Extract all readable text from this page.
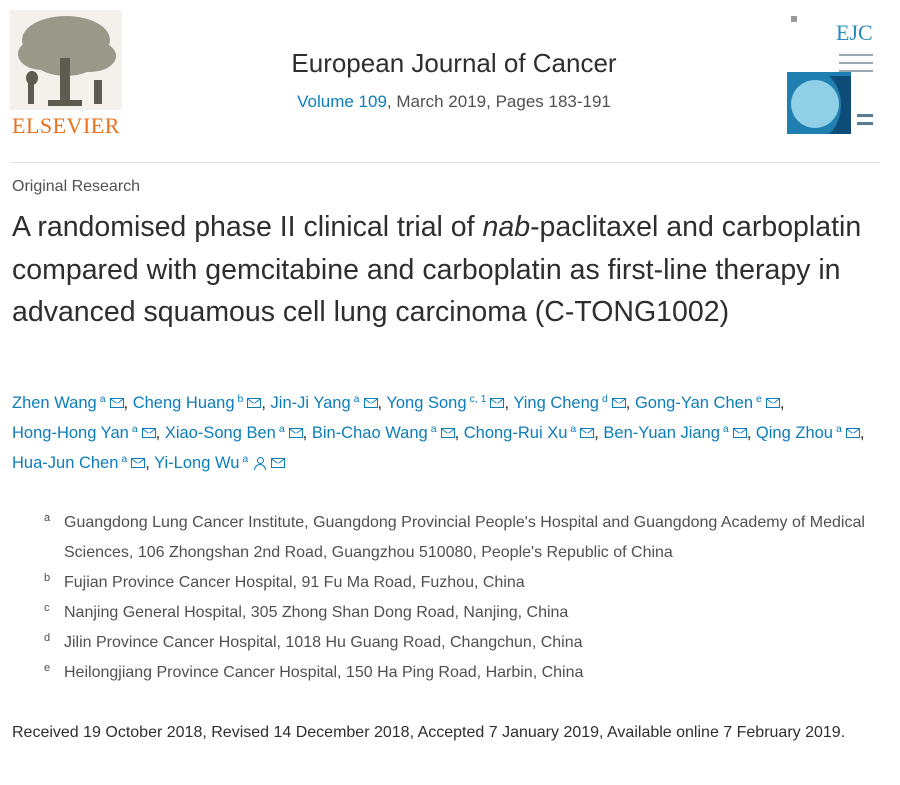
ELSEVIER
European Journal of Cancer
Volume 109, March 2019, Pages 183-191
EJC
Original Research
A randomised phase II clinical trial of nab-paclitaxel and carboplatin compared with gemcitabine and carboplatin as first-line therapy in advanced squamous cell lung carcinoma (C-TONG1002)
Zhen Wang $^a$ , Cheng Huang $^b$ , Jin-Ji Yang $^a$ , Yong Song $^{c, 1}$ , Ying Cheng $^d$ , Gong-Yan Chen $^e$ , Hong-Hong Yan $^a$ , Xiao-Song Ben $^a$ , Bin-Chao Wang $^a$ , Chong-Rui Xu $^a$ , Ben-Yuan Jiang $^a$ , Qing Zhou $^a$ , Hua-Jun Chen $^a$ , Yi-Long Wu $^a$
a Guangdong Lung Cancer Institute, Guangdong Provincial People's Hospital and Guangdong Academy of Medical Sciences, 106 Zhongshan 2nd Road, Guangzhou 510080, People's Republic of China
b Fujian Province Cancer Hospital, 91 Fu Ma Road, Fuzhou, China
c Nanjing General Hospital, 305 Zhong Shan Dong Road, Nanjing, China
d Jilin Province Cancer Hospital, 1018 Hu Guang Road, Changchun, China
e Heilongjiang Province Cancer Hospital, 150 Ha Ping Road, Harbin, China
Received 19 October 2018, Revised 14 December 2018, Accepted 7 January 2019, Available online 7 February 2019.
